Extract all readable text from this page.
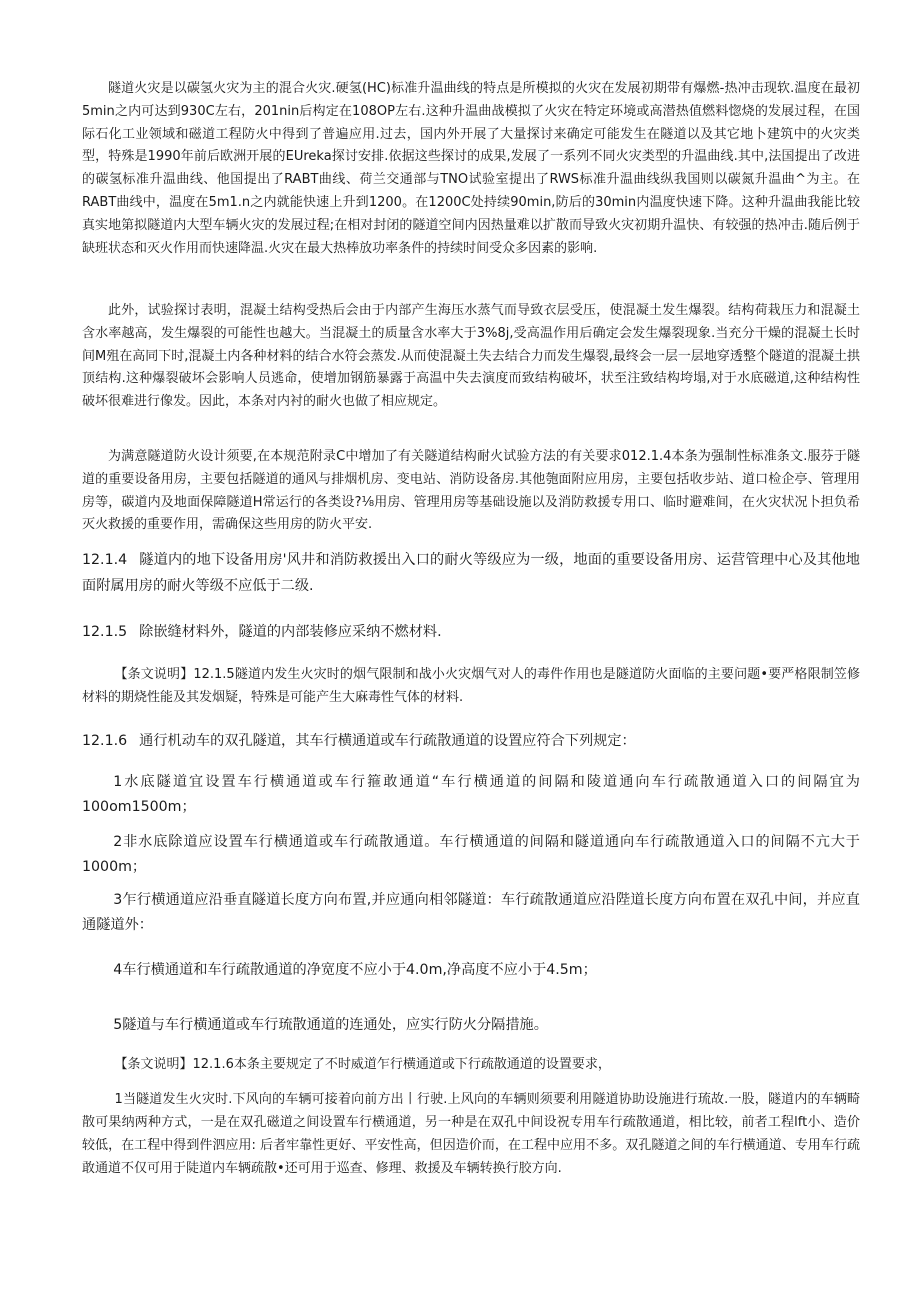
隧道火灾是以碳氢火灾为主的混合火灾.硬氢(HC)标准升温曲线的特点是所模拟的火灾在发展初期带有爆燃-热冲击现软.温度在最初5min之内可达到930C左右，201nin后构定在108OP左右.这种升温曲战模拟了火灾在特定环境或高潜热值燃料惚烧的发展过程，在国际石化工业领域和磁道工程防火中得到了普遍应用.过去，国内外开展了大量探讨来确定可能发生在隧道以及其它地卜建筑中的火灾类型，特殊是1990年前后欧洲开展的EUreka探讨安排.依据这些探讨的成果,发展了一系列不同火灾类型的升温曲线.其中,法国提出了改进的碳氢标准升温曲线、他国提出了RABT曲线、荷兰交通部与TNO试验室提出了RWS标准升温曲线纵我国则以碳氮升温曲^为主。在RABT曲线中，温度在5m1.n之内就能快速上升到1200。在1200C处持续90min,防后的30min内温度快速下降。这种升温曲我能比较真实地第拟隧道内大型车辆火灾的发展过程;在相对封闭的隧道空间内因热量难以扩散而导致火灾初期升温快、有较强的热冲击.随后例于缺班状态和灭火作用而快速降温.火灾在最大热棒放功率条件的持续时间受众多因素的影响.

此外，试验探讨表明，混凝土结构受热后会由于内部产生海压水蒸气而导致衣层受压，使混凝土发生爆裂。结构荷栽压力和混凝土含水率越高，发生爆裂的可能性也越大。当混凝土的质量含水率大于3%8j,受高温作用后确定会发生爆裂现象.当充分干燥的混凝土长时间M殂在高同下时,混凝土内各种材料的结合水符会蒸发.从而使混凝土失去结合力而发生爆裂,最终会一层一层地穿透整个隧道的混凝土拱顶结构.这种爆裂破坏会影响人员逃命，使增加钢筋暴露于高温中失去演度而致结构破坏，状至注致结构垮塌,对于水底磁道,这种结构性破坏很难进行像发。因此，本条对内衬的耐火也做了相应规定。

为满意隧道防火设计须要,在本规范附录C中增加了有关隧道结构耐火试验方法的有关要求012.1.4本条为强制性标准条文.服芬于隧道的重要设备用房，主要包括隧道的通风与排烟机房、变电站、消防设备房.其他匏面附应用房，主要包括收步站、道口检企亭、管理用房等，碳道内及地面保障隧道H常运行的各类设?⅛用房、管理用房等基础设施以及消防救援专用口、临时避难间，在火灾状况卜担负希灭火救援的重要作用，需确保这些用房的防火平安.

12.1.4 隧道内的地下设备用房'风井和消防救援出入口的耐火等级应为一级，地面的重要设备用房、运营管理中心及其他地面附属用房的耐火等级不应低于二级.

12.1.5 除嵌缝材料外，隧道的内部装修应采纳不燃材料.

【条文说明】12.1.5隧道内发生火灾时的烟气限制和战小火灾烟气对人的毒件作用也是隧道防火面临的主要问题•要严格限制笠修材料的期烧性能及其发烟疑，特殊是可能产生大麻毒性气体的材料.

12.1.6 通行机动车的双孔隧道，其车行横通道或车行疏散通道的设置应符合下列规定：

1水底隧道宜设置车行横通道或车行箍敢通道“车行横通道的间隔和陵道通向车行疏散通道入口的间隔宜为100om1500m；

2非水底除道应设置车行横通道或车行疏散通道。车行横通道的间隔和隧道通向车行疏散通道入口的间隔不亢大于1000m；

3乍行横通道应沿垂直隧道长度方向布置,并应通向相邻隧道：车行疏散通道应沿陛道长度方向布置在双孔中间，并应直通隧道外：

4车行横通道和车行疏散通道的净宽度不应小于4.0m,净高度不应小于4.5m；

5隧道与车行横通道或车行琉散通道的连通处，应实行防火分隔措施。

【条文说明】12.1.6本条主要规定了不时威道乍行横通道或下行疏散通道的设置要求，

1当隧道发生火灾时.下风向的车辆可接着向前方出丨行驶.上风向的车辆则须要利用隧道协助设施进行琉故.一股，隧道内的车辆畸散可果纳两种方式，一是在双孔磁道之间设置车行横通道，另一种是在双孔中间设祝专用车行疏散通道，相比较，前者工程lft小、造价较低，在工程中得到件泗应用: 后者牢靠性更好、平安性高，但因造价而，在工程中应用不多。双孔隧道之间的车行横通道、专用车行疏敢通道不仅可用于陡道内车辆疏散•还可用于巡查、修理、救援及车辆转换行胶方向.
